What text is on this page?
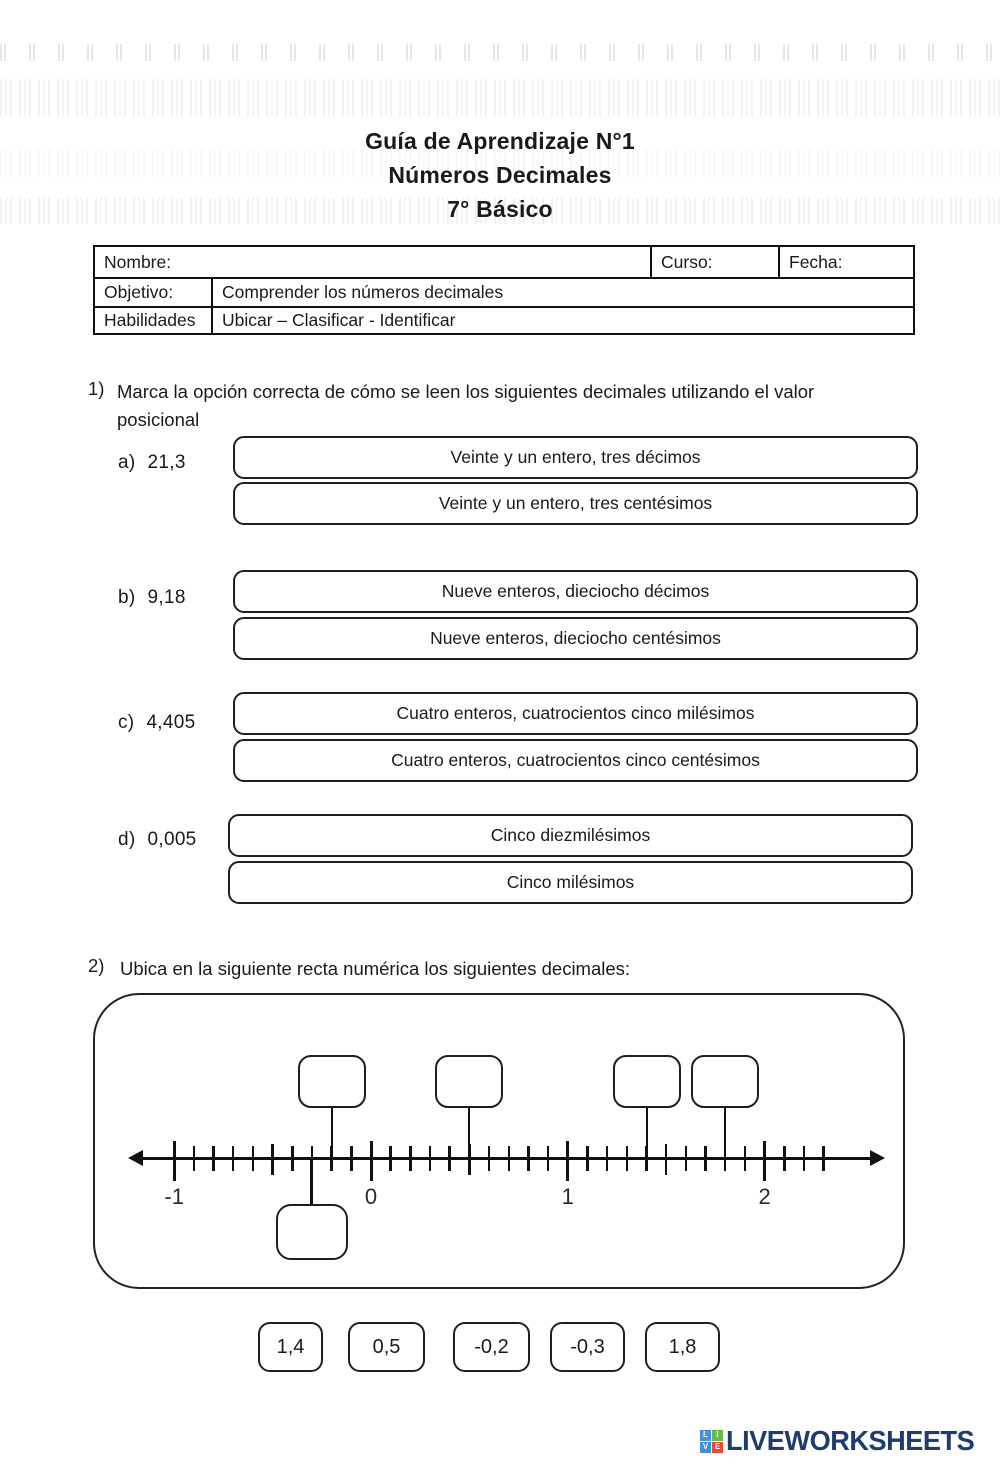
Guía de Aprendizaje N°1
Números Decimales
7° Básico
Nombre:	Curso:	Fecha:
Objetivo:	Comprender los números decimales
Habilidades Ubicar – Clasificar - Identificar
1) Marca la opción correcta de cómo se leen los siguientes decimales utilizando el valor
posicional
a) 21,3	Veinte y un entero, tres décimos
Veinte y un entero, tres centésimos
b) 9,18	Nueve enteros, dieciocho décimos
Nueve enteros, dieciocho centésimos
c) 4,405	Cuatro enteros, cuatrocientos cinco milésimos
Cuatro enteros, cuatrocientos cinco centésimos
d) 0,005	Cinco diezmilésimos
Cinco milésimos
2) Ubica en la siguiente recta numérica los siguientes decimales:
-1	0	1	2
1,4	0,5	-0,2	-0,3	1,8
L	I
V E LIVEWORKSHEETS
